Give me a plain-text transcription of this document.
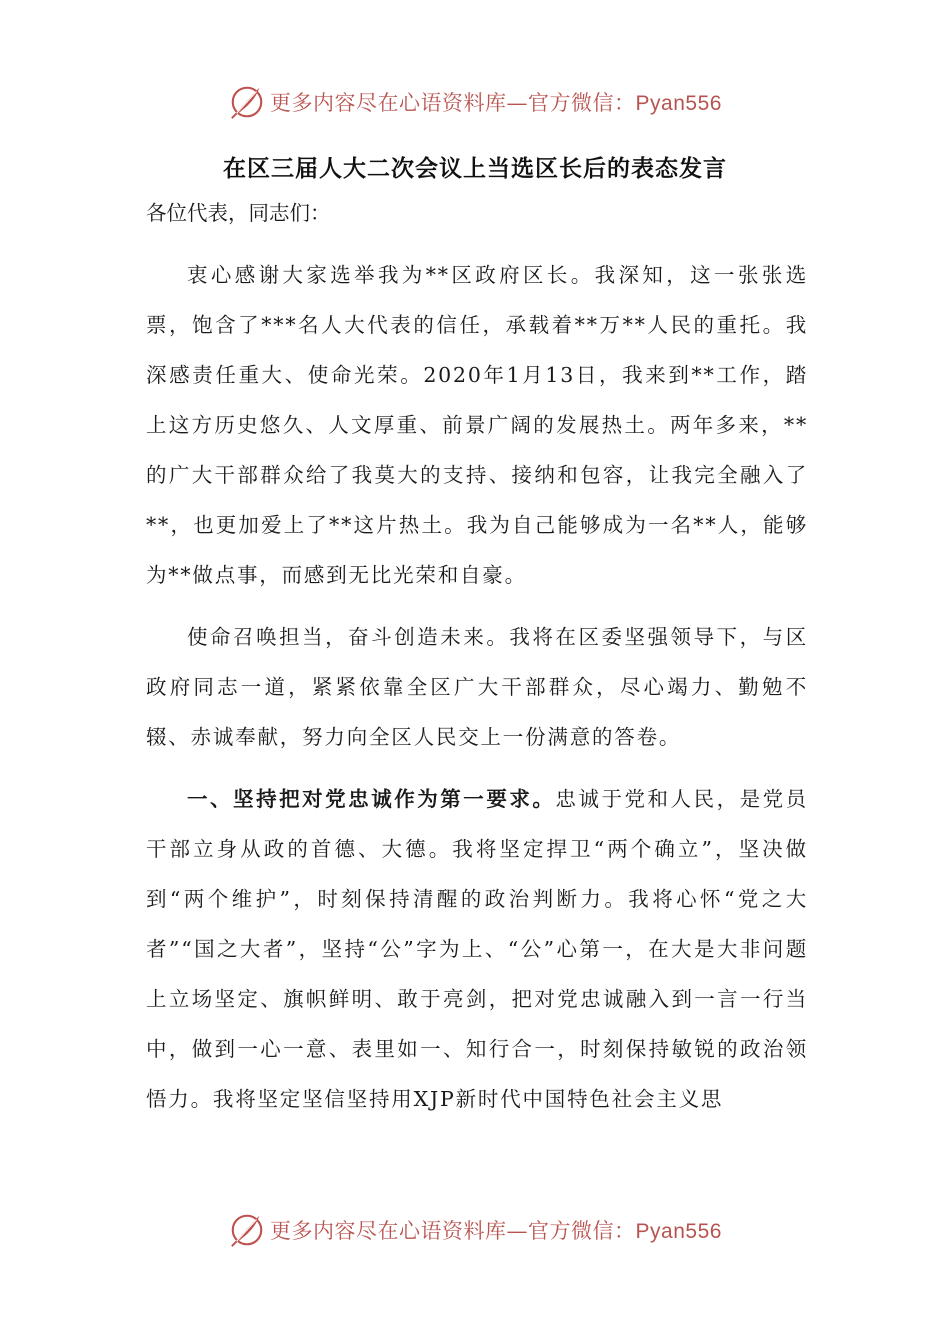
更多内容尽在心语资料库—官方微信：Pyan556
在区三届人大二次会议上当选区长后的表态发言

各位代表，同志们：

衷心感谢大家选举我为**区政府区长。我深知，这一张张选票，饱含了***名人大代表的信任，承载着**万**人民的重托。我深感责任重大、使命光荣。2020年1月13日，我来到**工作，踏上这方历史悠久、人文厚重、前景广阔的发展热土。两年多来，**的广大干部群众给了我莫大的支持、接纳和包容，让我完全融入了**，也更加爱上了**这片热土。我为自己能够成为一名**人，能够为**做点事，而感到无比光荣和自豪。

使命召唤担当，奋斗创造未来。我将在区委坚强领导下，与区政府同志一道，紧紧依靠全区广大干部群众，尽心竭力、勤勉不辍、赤诚奉献，努力向全区人民交上一份满意的答卷。

一、坚持把对党忠诚作为第一要求。忠诚于党和人民，是党员干部立身从政的首德、大德。我将坚定捍卫“两个确立”，坚决做到“两个维护”，时刻保持清醒的政治判断力。我将心怀“党之大者”“国之大者”，坚持“公”字为上、“公”心第一，在大是大非问题上立场坚定、旗帜鲜明、敢于亮剑，把对党忠诚融入到一言一行当中，做到一心一意、表里如一、知行合一，时刻保持敏锐的政治领悟力。我将坚定坚信坚持用XJP新时代中国特色社会主义思

更多内容尽在心语资料库—官方微信：Pyan556
